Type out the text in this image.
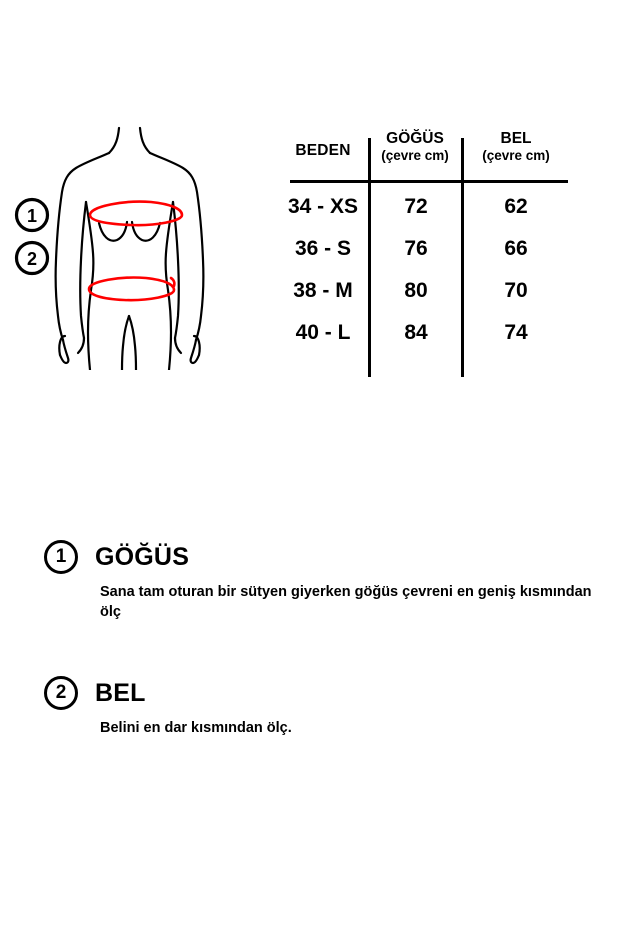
1
2
BEDEN
GÖĞÜS
(çevre cm)
BEL
(çevre cm)
34 - XS	72	62
36 - S	76	66
38 - M	80	70
40 - L	84	74
1	GÖĞÜS
Sana tam oturan bir sütyen giyerken göğüs çevreni en geniş kısmından ölç
2	BEL
Belini en dar kısmından ölç.
